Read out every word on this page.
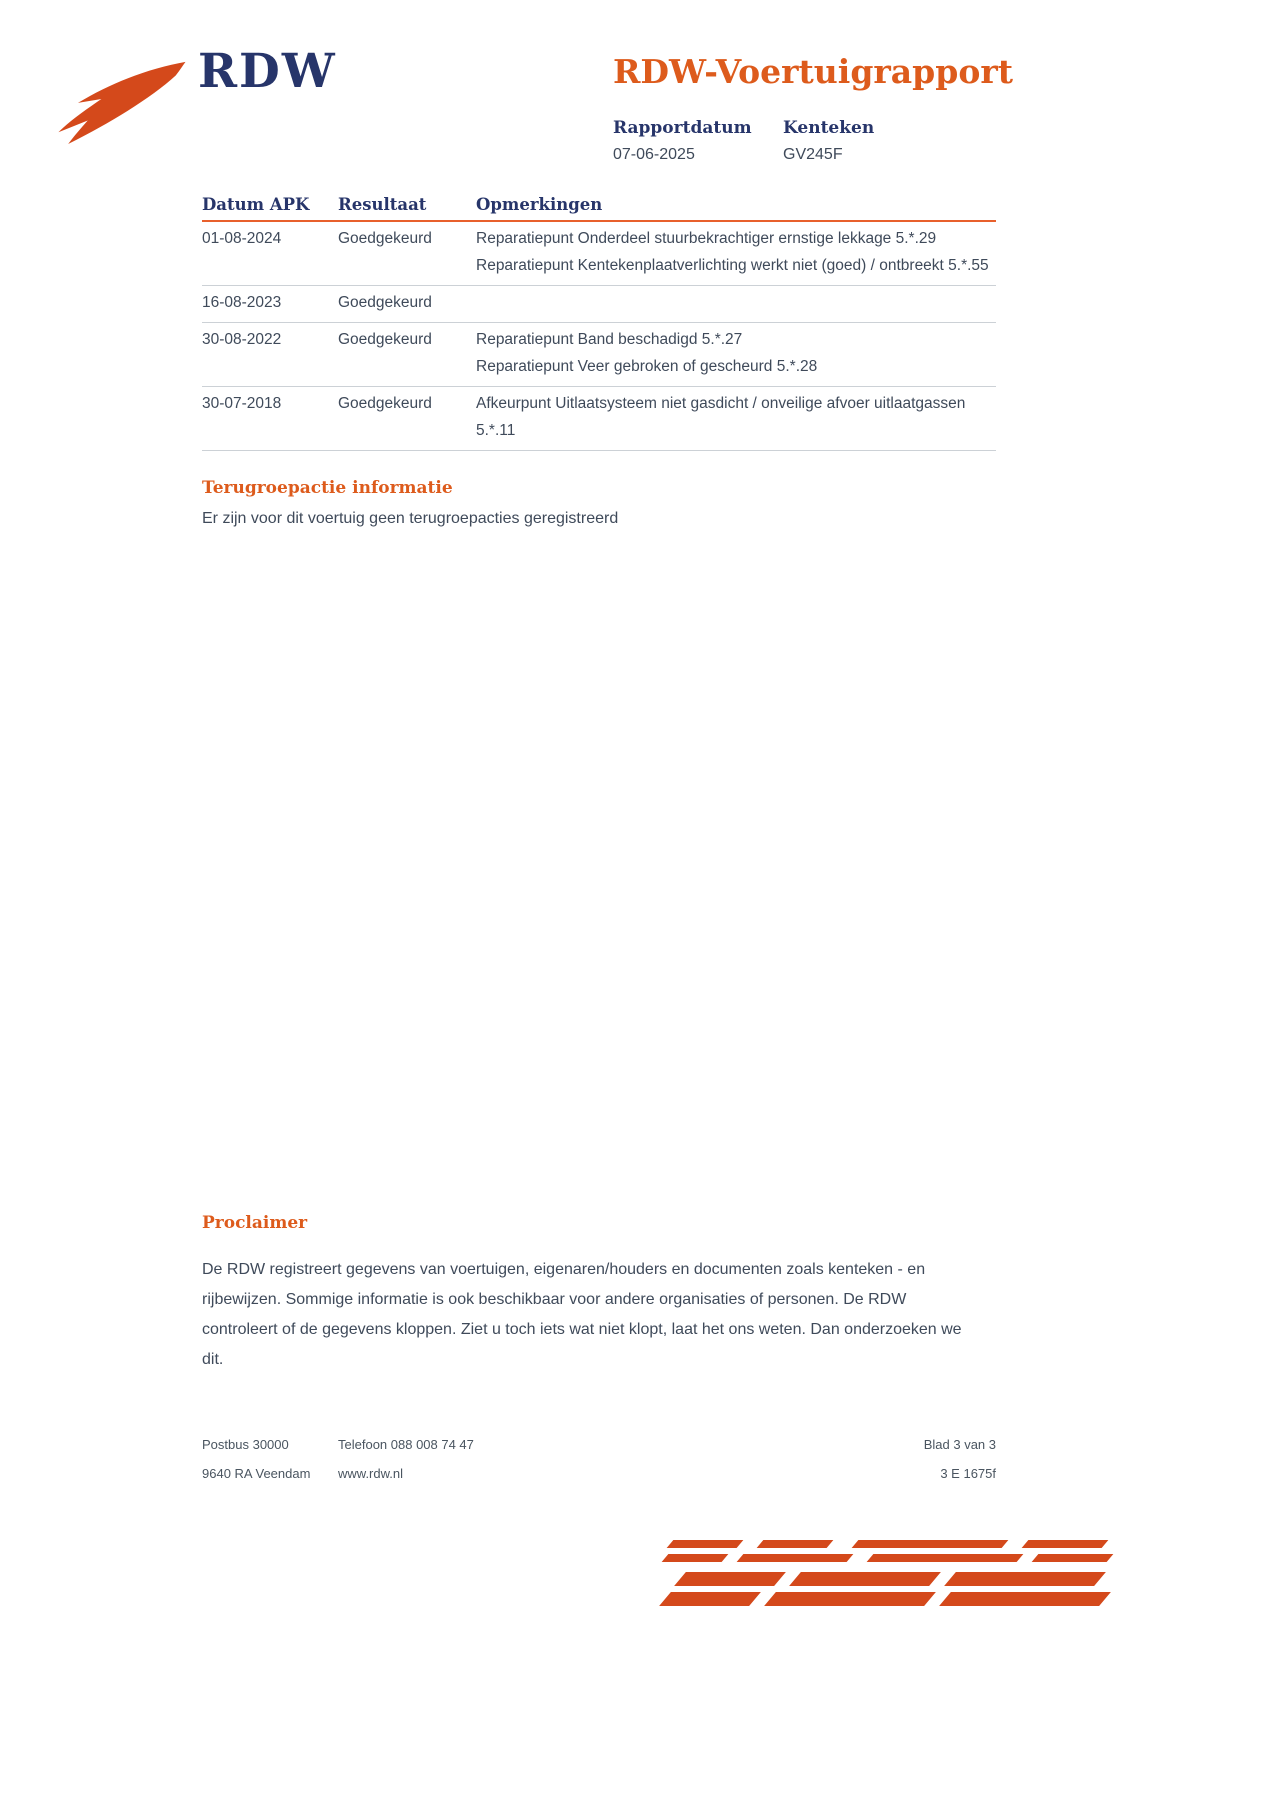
RDW	RDW-Voertuigrapport
Rapportdatum
07-06-2025
Kenteken
GV245F
Datum APK	Resultaat	Opmerkingen
01-08-2024	Goedgekeurd	Reparatiepunt Onderdeel stuurbekrachtiger ernstige lekkage 5.*.29
Reparatiepunt Kentekenplaatverlichting werkt niet (goed) / ontbreekt 5.*.55
16-08-2023	Goedgekeurd
30-08-2022	Goedgekeurd	Reparatiepunt Band beschadigd 5.*.27
Reparatiepunt Veer gebroken of gescheurd 5.*.28
30-07-2018	Goedgekeurd	Afkeurpunt Uitlaatsysteem niet gasdicht / onveilige afvoer uitlaatgassen 5.*.11
Terugroepactie informatie
Er zijn voor dit voertuig geen terugroepacties geregistreerd
Proclaimer
De RDW registreert gegevens van voertuigen, eigenaren/houders en documenten zoals kenteken - en rijbewijzen. Sommige informatie is ook beschikbaar voor andere organisaties of personen. De RDW controleert of de gegevens kloppen. Ziet u toch iets wat niet klopt, laat het ons weten. Dan onderzoeken we dit.
Postbus 30000	Telefoon 088 008 74 47	Blad 3 van 3
9640 RA Veendam	www.rdw.nl	3 E 1675f
